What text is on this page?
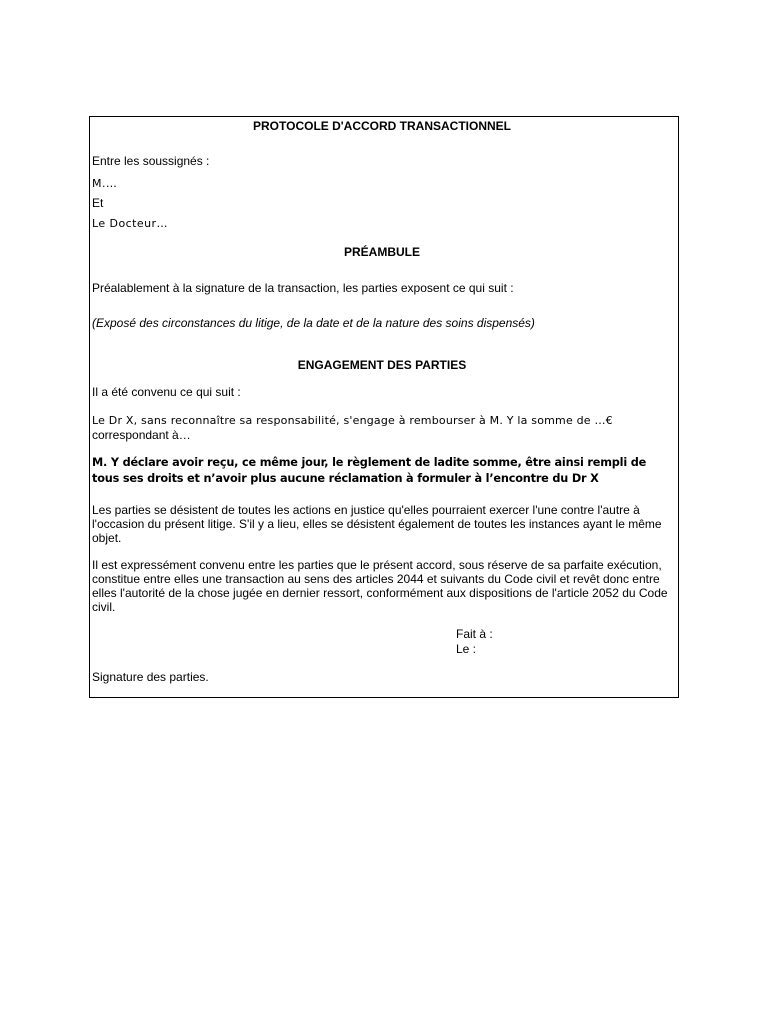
PROTOCOLE D'ACCORD TRANSACTIONNEL
Entre les soussignés :
M.…
Et
Le Docteur…
PRÉAMBULE
Préalablement à la signature de la transaction, les parties exposent ce qui suit :
(Exposé des circonstances du litige, de la date et de la nature des soins dispensés)
ENGAGEMENT DES PARTIES
Il a été convenu ce qui suit :
Le Dr X, sans reconnaître sa responsabilité, s'engage à rembourser à M. Y la somme de …€
correspondant à…
M. Y déclare avoir reçu, ce même jour, le règlement de ladite somme, être ainsi rempli de tous ses droits et n’avoir plus aucune réclamation à formuler à l’encontre du Dr X
Les parties se désistent de toutes les actions en justice qu'elles pourraient exercer l'une contre l'autre à l'occasion du présent litige. S'il y a lieu, elles se désistent également de toutes les instances ayant le même objet.
Il est expressément convenu entre les parties que le présent accord, sous réserve de sa parfaite exécution, constitue entre elles une transaction au sens des articles 2044 et suivants du Code civil et revêt donc entre elles l'autorité de la chose jugée en dernier ressort, conformément aux dispositions de l'article 2052 du Code civil.
Fait à :
Le :
Signature des parties.
